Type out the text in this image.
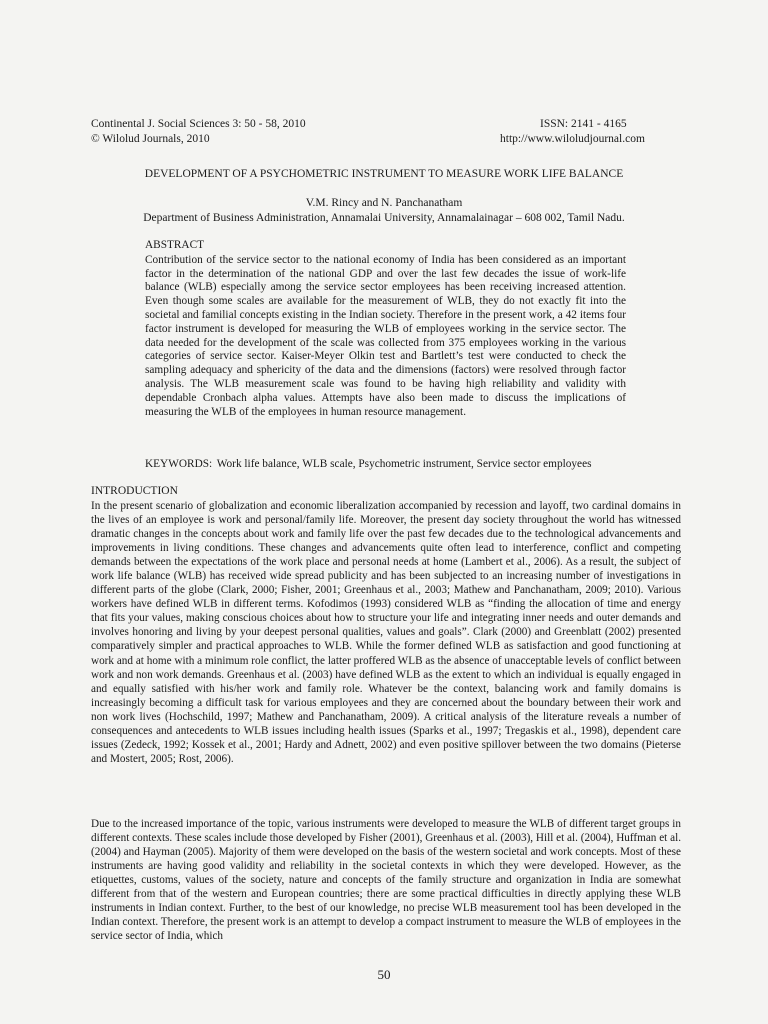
Continental J. Social Sciences 3: 50 - 58, 2010
© Wilolud Journals, 2010
ISSN: 2141 - 4165
http://www.wiloludjournal.com
DEVELOPMENT OF A PSYCHOMETRIC INSTRUMENT TO MEASURE WORK LIFE BALANCE
V.M. Rincy and N. Panchanatham
Department of Business Administration, Annamalai University, Annamalainagar – 608 002, Tamil Nadu.
ABSTRACT

Contribution of the service sector to the national economy of India has been considered as an important factor in the determination of the national GDP and over the last few decades the issue of work-life balance (WLB) especially among the service sector employees has been receiving increased attention. Even though some scales are available for the measurement of WLB, they do not exactly fit into the societal and familial concepts existing in the Indian society. Therefore in the present work, a 42 items four factor instrument is developed for measuring the WLB of employees working in the service sector. The data needed for the development of the scale was collected from 375 employees working in the various categories of service sector. Kaiser-Meyer Olkin test and Bartlett’s test were conducted to check the sampling adequacy and sphericity of the data and the dimensions (factors) were resolved through factor analysis. The WLB measurement scale was found to be having high reliability and validity with dependable Cronbach alpha values. Attempts have also been made to discuss the implications of measuring the WLB of the employees in human resource management.

KEYWORDS: Work life balance, WLB scale, Psychometric instrument, Service sector employees
INTRODUCTION

In the present scenario of globalization and economic liberalization accompanied by recession and layoff, two cardinal domains in the lives of an employee is work and personal/family life. Moreover, the present day society throughout the world has witnessed dramatic changes in the concepts about work and family life over the past few decades due to the technological advancements and improvements in living conditions. These changes and advancements quite often lead to interference, conflict and competing demands between the expectations of the work place and personal needs at home (Lambert et al., 2006). As a result, the subject of work life balance (WLB) has received wide spread publicity and has been subjected to an increasing number of investigations in different parts of the globe (Clark, 2000; Fisher, 2001; Greenhaus et al., 2003; Mathew and Panchanatham, 2009; 2010). Various workers have defined WLB in different terms. Kofodimos (1993) considered WLB as “finding the allocation of time and energy that fits your values, making conscious choices about how to structure your life and integrating inner needs and outer demands and involves honoring and living by your deepest personal qualities, values and goals”. Clark (2000) and Greenblatt (2002) presented comparatively simpler and practical approaches to WLB. While the former defined WLB as satisfaction and good functioning at work and at home with a minimum role conflict, the latter proffered WLB as the absence of unacceptable levels of conflict between work and non work demands. Greenhaus et al. (2003) have defined WLB as the extent to which an individual is equally engaged in and equally satisfied with his/her work and family role. Whatever be the context, balancing work and family domains is increasingly becoming a difficult task for various employees and they are concerned about the boundary between their work and non work lives (Hochschild, 1997; Mathew and Panchanatham, 2009). A critical analysis of the literature reveals a number of consequences and antecedents to WLB issues including health issues (Sparks et al., 1997; Tregaskis et al., 1998), dependent care issues (Zedeck, 1992; Kossek et al., 2001; Hardy and Adnett, 2002) and even positive spillover between the two domains (Pieterse and Mostert, 2005; Rost, 2006).

Due to the increased importance of the topic, various instruments were developed to measure the WLB of different target groups in different contexts. These scales include those developed by Fisher (2001), Greenhaus et al. (2003), Hill et al. (2004), Huffman et al. (2004) and Hayman (2005). Majority of them were developed on the basis of the western societal and work concepts. Most of these instruments are having good validity and reliability in the societal contexts in which they were developed. However, as the etiquettes, customs, values of the society, nature and concepts of the family structure and organization in India are somewhat different from that of the western and European countries; there are some practical difficulties in directly applying these WLB instruments in Indian context. Further, to the best of our knowledge, no precise WLB measurement tool has been developed in the Indian context. Therefore, the present work is an attempt to develop a compact instrument to measure the WLB of employees in the service sector of India, which

50
